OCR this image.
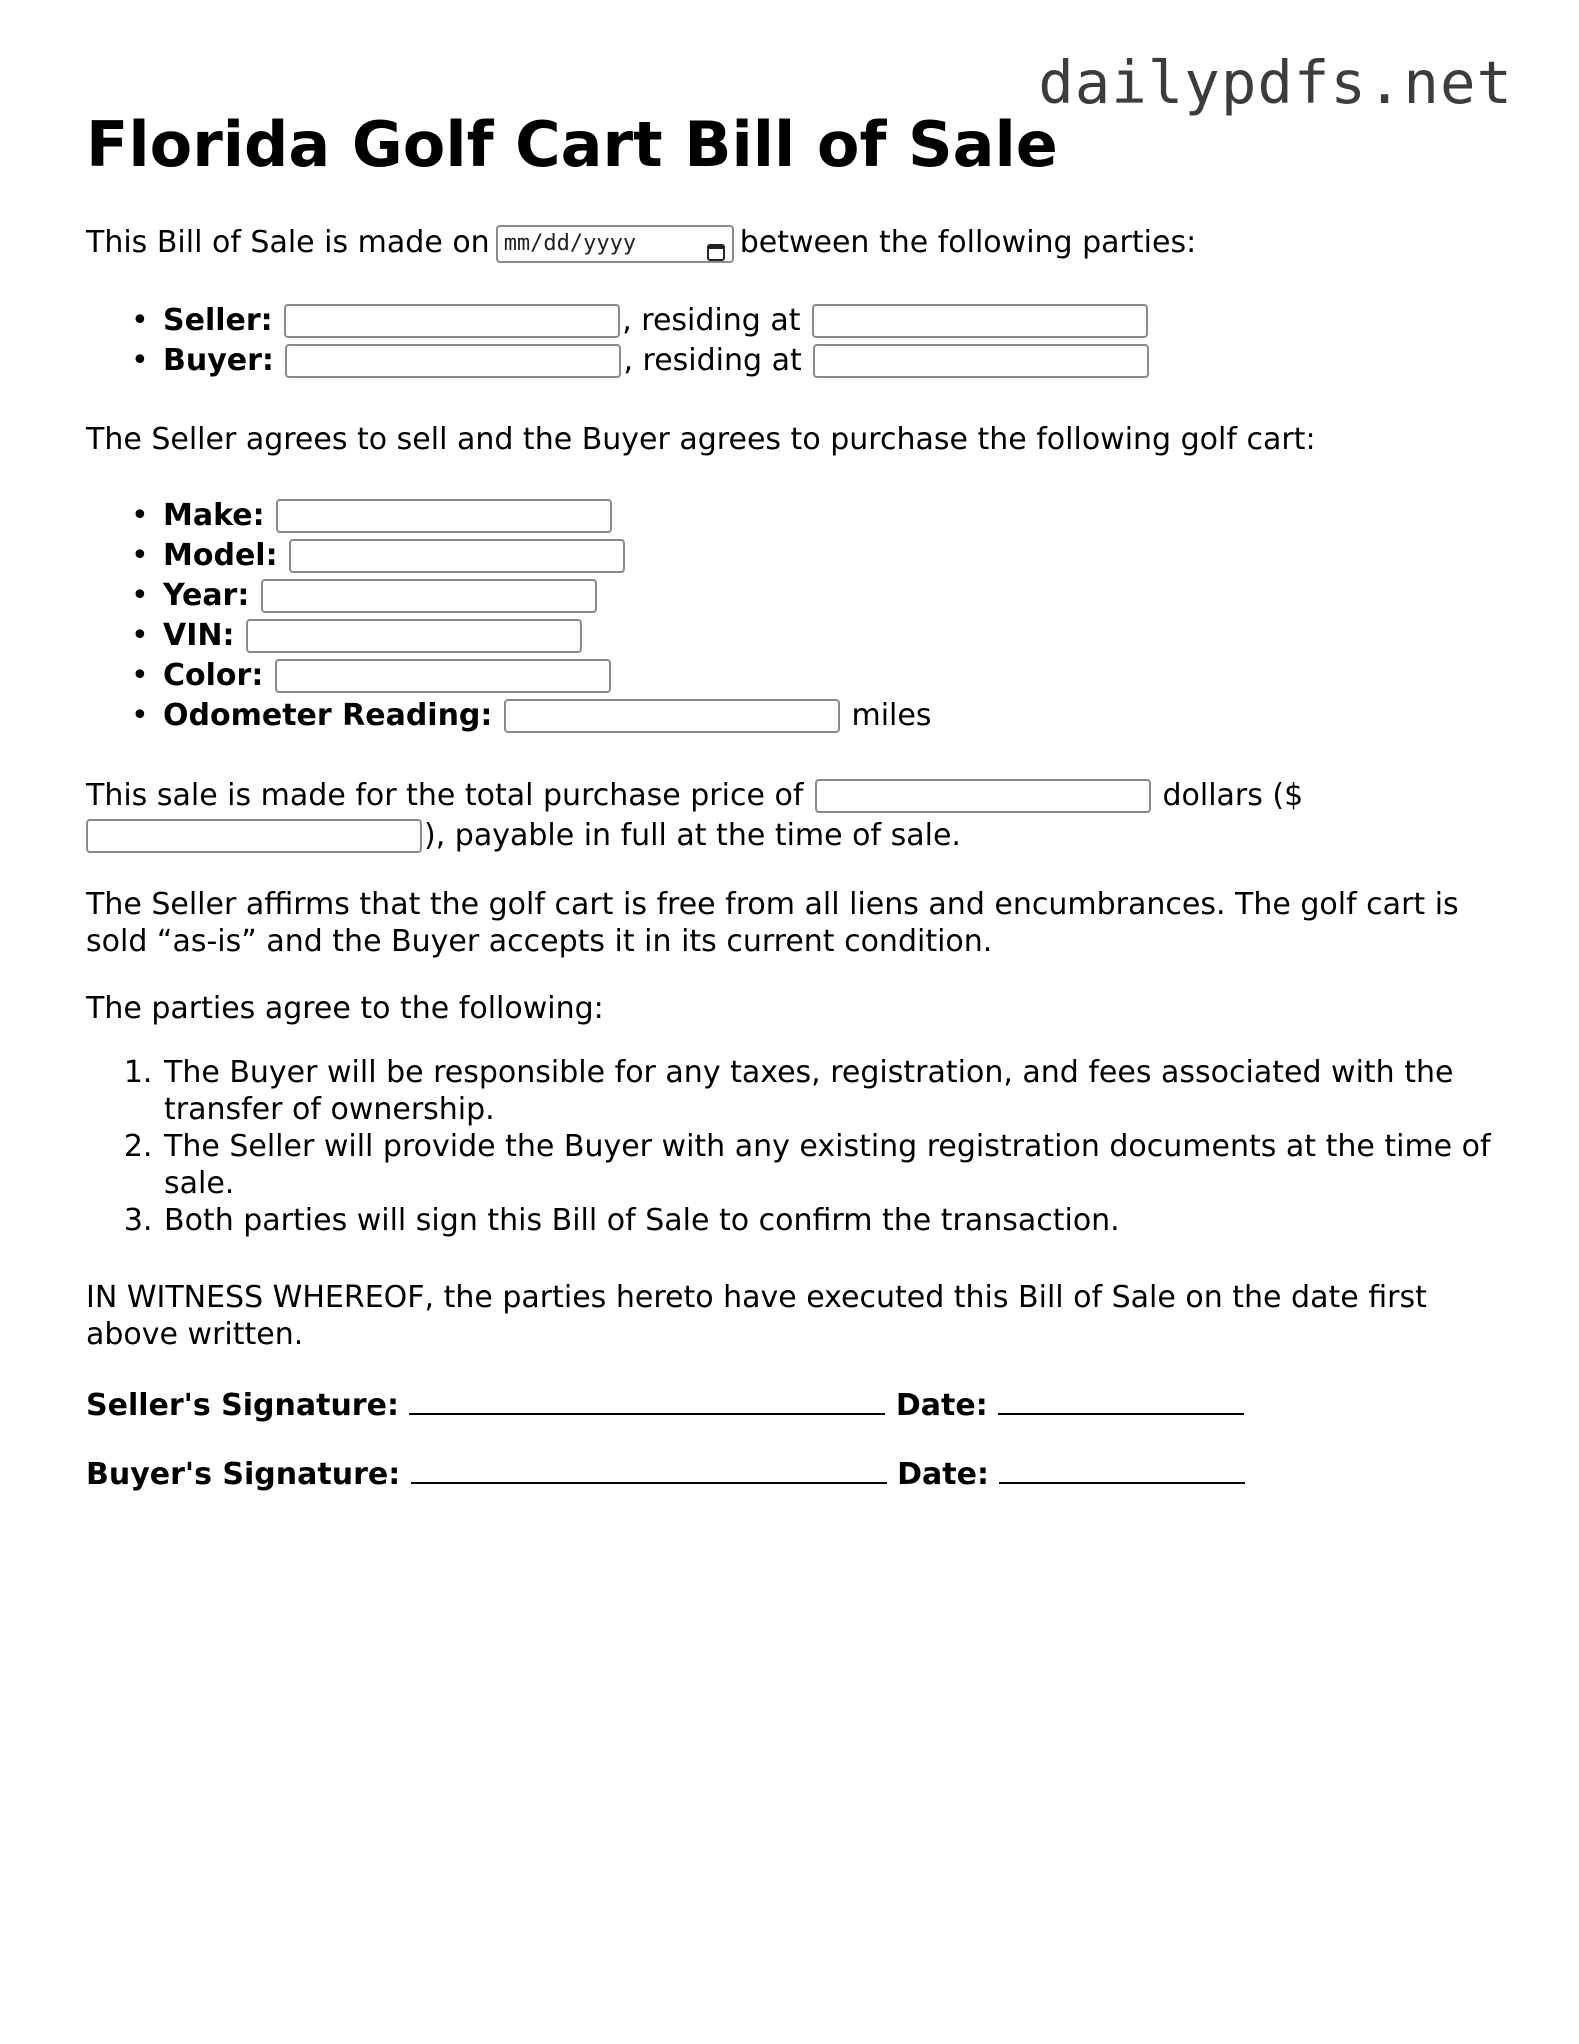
dailypdfs.net
Florida Golf Cart Bill of Sale

This Bill of Sale is made on mm/dd/yyyy	between the following parties:

• Seller:	, residing at
• Buyer:	, residing at

The Seller agrees to sell and the Buyer agrees to purchase the following golf cart:

• Make:
• Model:
• Year:
• VIN:
• Color:
• Odometer Reading:	miles

This sale is made for the total purchase price of	dollars ($
), payable in full at the time of sale.

The Seller affirms that the golf cart is free from all liens and encumbrances. The golf cart is sold “as-is” and the Buyer accepts it in its current condition.

The parties agree to the following:

1. The Buyer will be responsible for any taxes, registration, and fees associated with the transfer of ownership.
2. The Seller will provide the Buyer with any existing registration documents at the time of sale.
3. Both parties will sign this Bill of Sale to confirm the transaction.

IN WITNESS WHEREOF, the parties hereto have executed this Bill of Sale on the date first above written.

Seller's Signature:	Date:

Buyer's Signature:	Date:
